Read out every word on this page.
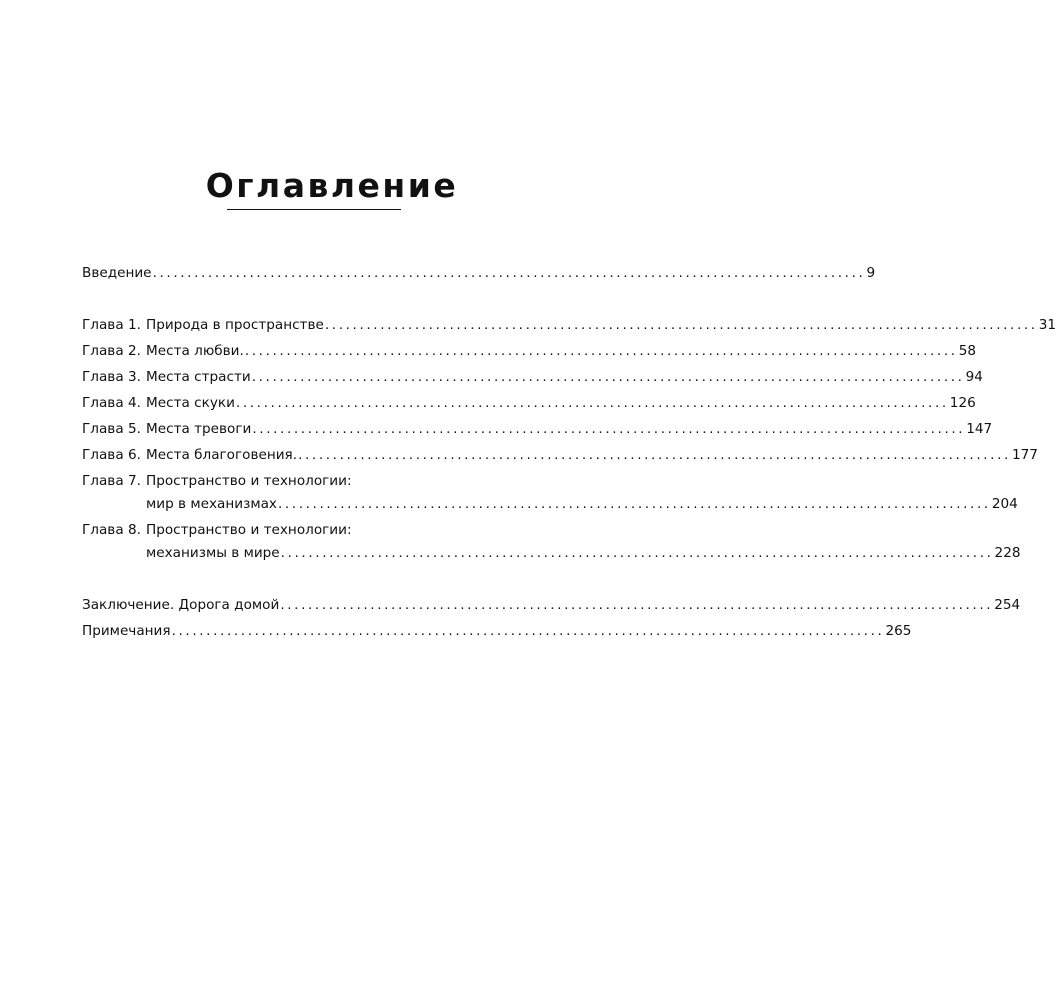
Оглавление
Введение ....................................................................................................... 9
Глава 1. Природа в пространстве ....................................................................................................... 31
Глава 2. Места любви. ....................................................................................................... 58
Глава 3. Места страсти ....................................................................................................... 94
Глава 4. Места скуки ....................................................................................................... 126
Глава 5. Места тревоги ....................................................................................................... 147
Глава 6. Места благоговения. ....................................................................................................... 177
Глава 7. Пространство и технологии:
мир в механизмах ....................................................................................................... 204
Глава 8. Пространство и технологии:
механизмы в мире ....................................................................................................... 228
Заключение. Дорога домой ....................................................................................................... 254
Примечания ....................................................................................................... 265
